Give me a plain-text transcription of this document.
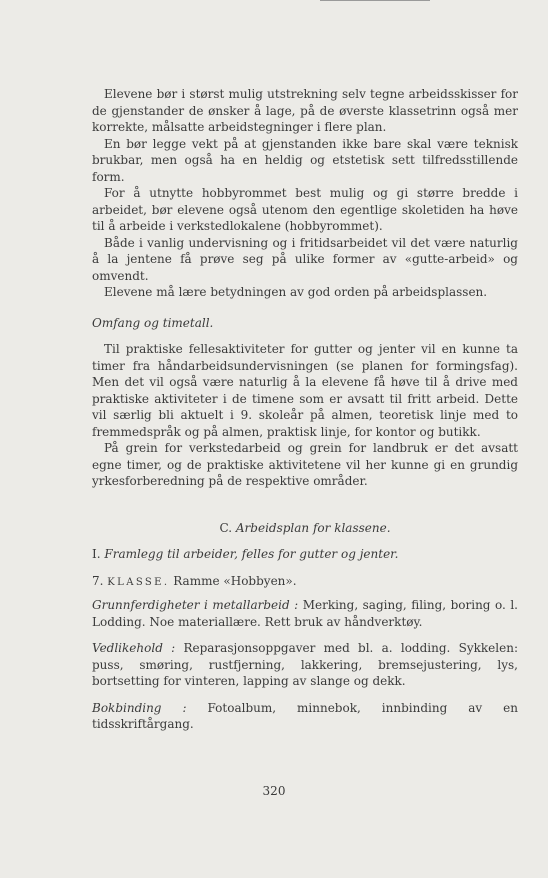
Elevene bør i størst mulig utstrekning selv tegne arbeidsskisser for de gjenstander de ønsker å lage, på de øverste klassetrinn også mer korrekte, målsatte arbeidstegninger i flere plan.

En bør legge vekt på at gjenstanden ikke bare skal være teknisk brukbar, men også ha en heldig og etstetisk sett tilfredsstillende form.

For å utnytte hobbyrommet best mulig og gi større bredde i arbeidet, bør elevene også utenom den egentlige skoletiden ha høve til å arbeide i verkstedlokalene (hobbyrommet).

Både i vanlig undervisning og i fritidsarbeidet vil det være naturlig å la jentene få prøve seg på ulike former av «gutte-arbeid» og omvendt.

Elevene må lære betydningen av god orden på arbeidsplassen.

Omfang og timetall.

Til praktiske fellesaktiviteter for gutter og jenter vil en kunne ta timer fra håndarbeidsundervisningen (se planen for formingsfag). Men det vil også være naturlig å la elevene få høve til å drive med praktiske aktiviteter i de timene som er avsatt til fritt arbeid. Dette vil særlig bli aktuelt i 9. skoleår på almen, teoretisk linje med to fremmedspråk og på almen, praktisk linje, for kontor og butikk.

På grein for verkstedarbeid og grein for landbruk er det avsatt egne timer, og de praktiske aktivitetene vil her kunne gi en grundig yrkesforberedning på de respektive områder.

C. Arbeidsplan for klassene.

I. Framlegg til arbeider, felles for gutter og jenter.

7. KLASSE. Ramme «Hobbyen».

Grunnferdigheter i metallarbeid : Merking, saging, filing, boring o. l. Lodding. Noe materiallære. Rett bruk av håndverktøy.

Vedlikehold : Reparasjonsoppgaver med bl. a. lodding. Sykkelen: puss, smøring, rustfjerning, lakkering, bremsejustering, lys, bortsetting for vinteren, lapping av slange og dekk.

Bokbinding : Fotoalbum, minnebok, innbinding av en tidsskriftårgang.

320
